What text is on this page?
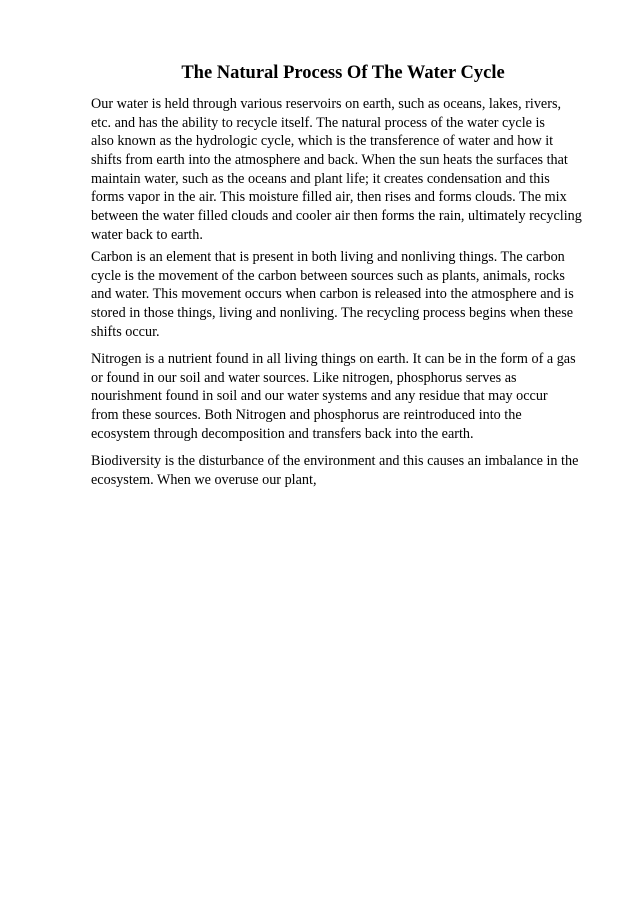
The Natural Process Of The Water Cycle

Our water is held through various reservoirs on earth, such as oceans, lakes, rivers,
etc. and has the ability to recycle itself. The natural process of the water cycle is
also known as the hydrologic cycle, which is the transference of water and how it
shifts from earth into the atmosphere and back. When the sun heats the surfaces that
maintain water, such as the oceans and plant life; it creates condensation and this
forms vapor in the air. This moisture filled air, then rises and forms clouds. The mix
between the water filled clouds and cooler air then forms the rain, ultimately recycling
water back to earth.

Carbon is an element that is present in both living and nonliving things. The carbon
cycle is the movement of the carbon between sources such as plants, animals, rocks
and water. This movement occurs when carbon is released into the atmosphere and is
stored in those things, living and nonliving. The recycling process begins when these
shifts occur.

Nitrogen is a nutrient found in all living things on earth. It can be in the form of a gas
or found in our soil and water sources. Like nitrogen, phosphorus serves as
nourishment found in soil and our water systems and any residue that may occur
from these sources. Both Nitrogen and phosphorus are reintroduced into the
ecosystem through decomposition and transfers back into the earth.

Biodiversity is the disturbance of the environment and this causes an imbalance in the
ecosystem. When we overuse our plant,
